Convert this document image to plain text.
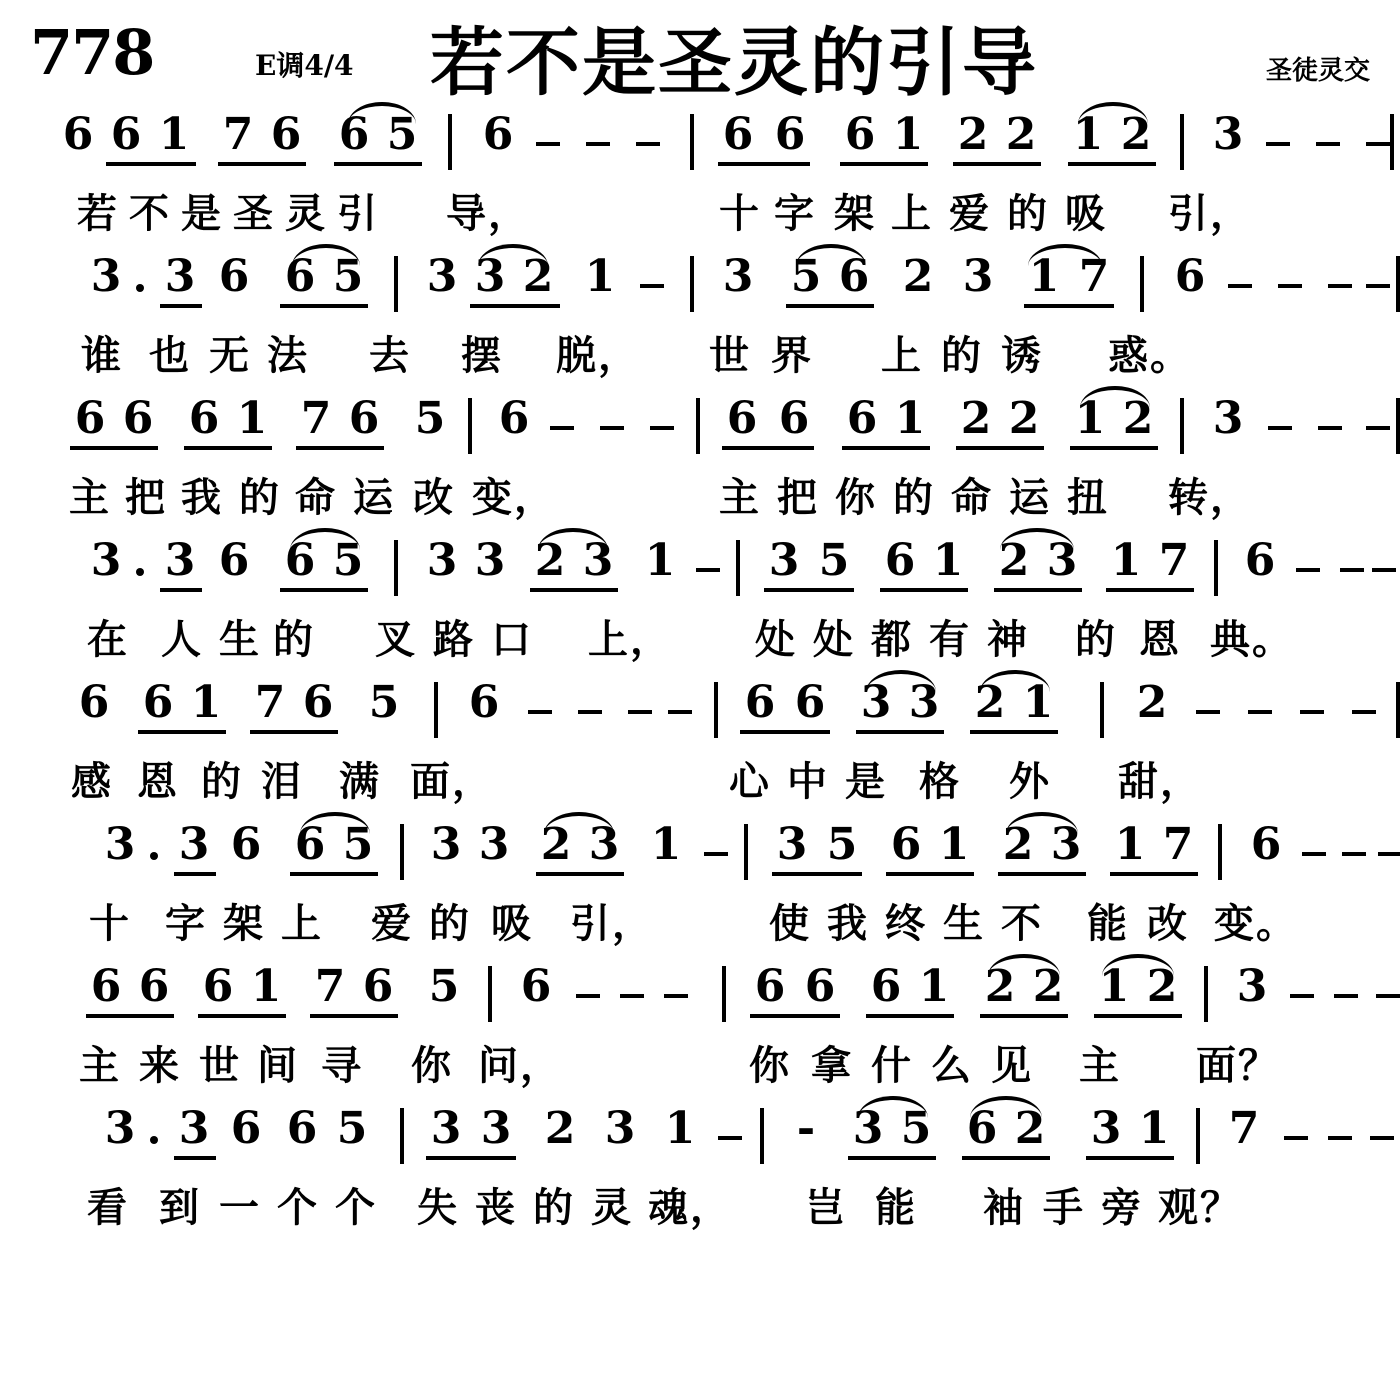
778	E调4/4 若不是圣灵的引导	圣徒灵交
6 6 1 7 6 6 5 6	6 6 6 1 2 2 1 2 3
若 不 是 圣 灵 引 导，	十 字 架 上 爱 的 吸 引，
3 3 6 6 5 3 3 2 1 3 5 6 2 3 1 7 6
谁 也 无 法 去 摆 脱， 世 界 上 的 诱 惑。
6 6 6 1 7 6 5 6	6 6 6 1 2 2 1 2 3
主 把 我 的 命 运 改 变，	主 把 你 的 命 运 扭 转，
3 3 6 6 5 3 3 2 3 1 3 5 6 1 2 3 1 7 6
在 人 生 的 叉 路 口 上， 处 处 都 有 神 的 恩 典。
6 6 1 7 6 5 6	6 6 3 3 2 1 2
感 恩 的 泪 满 面，	心 中 是 格 外 甜，
3 3 6 6 5 3 3 2 3 1 3 5 6 1 2 3 1 7 6
十 字 架 上 爱 的 吸 引，	使 我 终 生 不 能 改 变。
6 6 6 1 7 6 5 6	6 6 6 1 2 2 1 2 3
主 来 世 间 寻 你 问，	你 拿 什 么 见 主 面？
3 3 6 6 5 3 3 2 3 1 - 3 5 6 2 3 1 7
看 到 一 个 个 失 丧 的 灵 魂， 岂 能 袖 手 旁 观？
